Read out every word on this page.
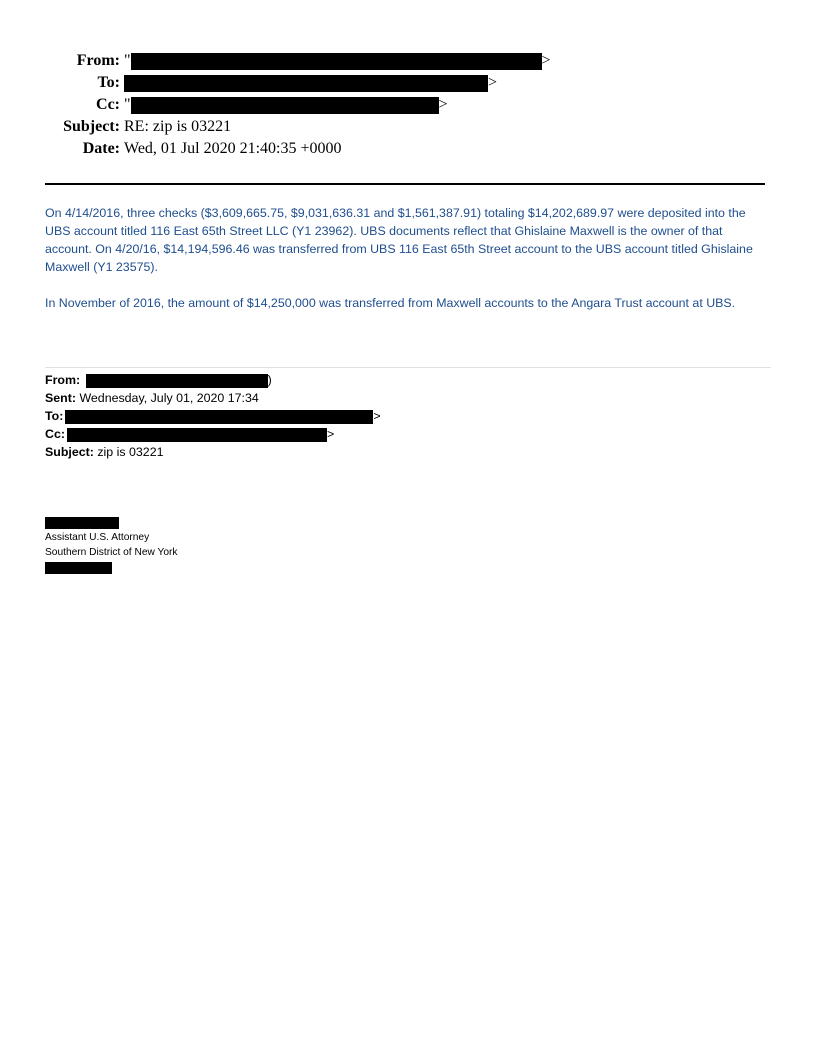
From: "	>
To:	>
Cc: "	>
Subject: RE: zip is 03221
Date: Wed, 01 Jul 2020 21:40:35 +0000
On 4/14/2016, three checks ($3,609,665.75, $9,031,636.31 and $1,561,387.91) totaling $14,202,689.97 were deposited into the UBS account titled 116 East 65th Street LLC (Y1 23962). UBS documents reflect that Ghislaine Maxwell is the owner of that account. On 4/20/16, $14,194,596.46 was transferred from UBS 116 East 65th Street account to the UBS account titled Ghislaine Maxwell (Y1 23575).
In November of 2016, the amount of $14,250,000 was transferred from Maxwell accounts to the Angara Trust account at UBS.
From:	)
Sent: Wednesday, July 01, 2020 17:34
To:	>
Cc:	>
Subject: zip is 03221
Assistant U.S. Attorney
Southern District of New York
